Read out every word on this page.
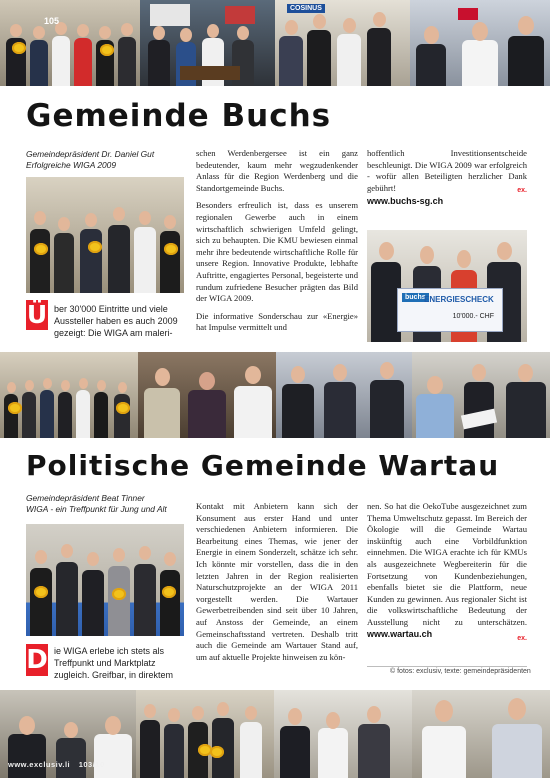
105
COSINUS
Gemeinde Buchs

Gemeindepräsident Dr. Daniel Gut
Erfolgreiche WIGA 2009

Ü ber 30'000 Eintritte und viele Aussteller haben es auch 2009 gezeigt: Die WIGA am maleri-

schen Werdenbergersee ist ein ganz bedeutender, kaum mehr wegzudenkender Anlass für die Region Werdenberg und die Standortgemeinde Buchs.

Besonders erfreulich ist, dass es unserem regionalen Gewerbe auch in einem wirtschaftlich schwierigen Umfeld gelingt, sich zu behaupten. Die KMU bewiesen einmal mehr ihre bedeutende wirtschaftliche Rolle für unsere Region. Innovative Produkte, lebhafte Auftritte, engagiertes Personal, begeisterte und rundum zufriedene Besucher prägten das Bild der WIGA 2009.

Die informative Sonderschau zur «Energie» hat Impulse vermittelt und

hoffentlich Investitionsentscheide beschleunigt. Die WIGA 2009 war erfolgreich - wofür allen Beteiligten herzlicher Dank gebührt!	ex.
www.buchs-sg.ch
buchs
ENERGIESCHECK
10'000.- CHF
Politische Gemeinde Wartau

Gemeindepräsident Beat Tinner
WIGA - ein Treffpunkt für Jung und Alt

D ie WIGA erlebe ich stets als Treffpunkt und Marktplatz zugleich. Greifbar, in direktem

Kontakt mit Anbietern kann sich der Konsument aus erster Hand und unter verschiedenen Anbietern informieren. Die Bearbeitung eines Themas, wie jener der Energie in einem Sonderzelt, schätze ich sehr. Ich könnte mir vorstellen, dass die in den letzten Jahren in der Region realisierten Naturschutzprojekte an der WIGA 2011 vorgestellt werden. Die Wartauer Gewerbetreibenden sind seit über 10 Jahren, auf Anstoss der Gemeinde, an einem Gemeinschaftsstand vertreten. Deshalb tritt auch die Gemeinde am Wartauer Stand auf, um auf aktuelle Projekte hinweisen zu kön-

nen. So hat die OekoTube ausgezeichnet zum Thema Umweltschutz gepasst. Im Bereich der Ökologie will die Gemeinde Wartau inskünftig auch eine Vorbildfunktion einnehmen. Die WIGA erachte ich für KMUs als ausgezeichnete Wegbereiterin für die Fortsetzung von Kundenbeziehungen, ebenfalls bietet sie die Plattform, neue Kunden zu gewinnen. Aus regionaler Sicht ist die volkswirtschaftliche Bedeutung der Ausstellung nicht zu unterschätzen. www.wartau.ch	ex.
© fotos: exclusiv, texte: gemeindepräsidenten
www.exclusiv.li 103/10
